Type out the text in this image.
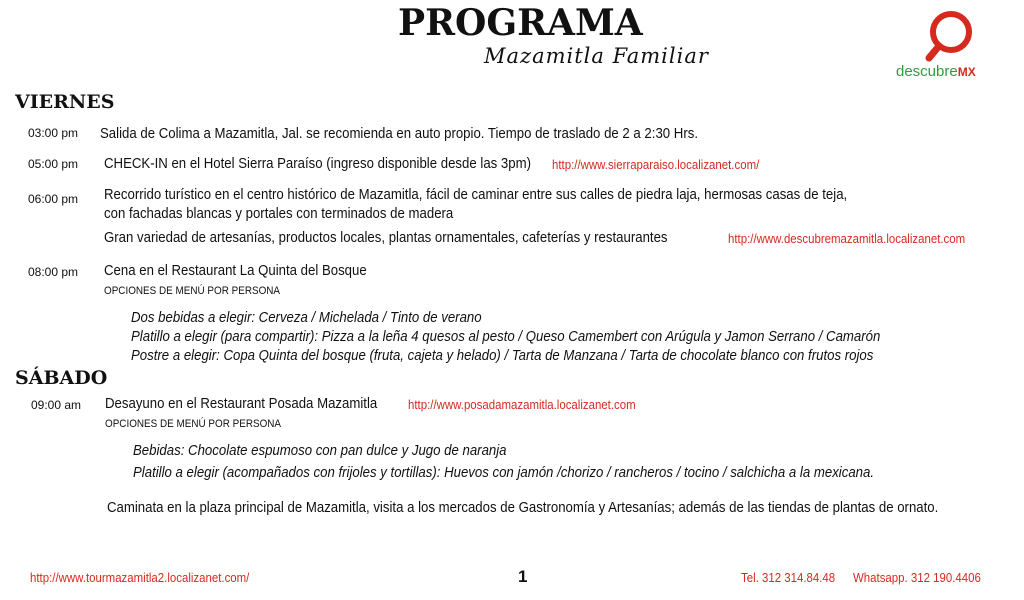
PROGRAMA
Mazamitla Familiar
descubreMX
VIERNES
03:00 pm Salida de Colima a Mazamitla, Jal. se recomienda en auto propio. Tiempo de traslado de 2 a 2:30 Hrs.
05:00 pm CHECK-IN en el Hotel Sierra Paraíso (ingreso disponible desde las 3pm) http://www.sierraparaiso.localizanet.com/
06:00 pm Recorrido turístico en el centro histórico de Mazamitla, fácil de caminar entre sus calles de piedra laja, hermosas casas de teja,
con fachadas blancas y portales con terminados de madera
Gran variedad de artesanías, productos locales, plantas ornamentales, cafeterías y restaurantes	http://www.descubremazamitla.localizanet.com
08:00 pm Cena en el Restaurant La Quinta del Bosque
OPCIONES DE MENÚ POR PERSONA
Dos bebidas a elegir: Cerveza / Michelada / Tinto de verano
Platillo a elegir (para compartir): Pizza a la leña 4 quesos al pesto / Queso Camembert con Arúgula y Jamon Serrano / Camarón
Postre a elegir: Copa Quinta del bosque (fruta, cajeta y helado) / Tarta de Manzana / Tarta de chocolate blanco con frutos rojos
SÁBADO
09:00 am Desayuno en el Restaurant Posada Mazamitla http://www.posadamazamitla.localizanet.com
OPCIONES DE MENÚ POR PERSONA
Bebidas: Chocolate espumoso con pan dulce y Jugo de naranja
Platillo a elegir (acompañados con frijoles y tortillas): Huevos con jamón /chorizo / rancheros / tocino / salchicha a la mexicana.
Caminata en la plaza principal de Mazamitla, visita a los mercados de Gastronomía y Artesanías; además de las tiendas de plantas de ornato.
http://www.tourmazamitla2.localizanet.com/	1	Tel. 312 314.84.48 Whatsapp. 312 190.4406
